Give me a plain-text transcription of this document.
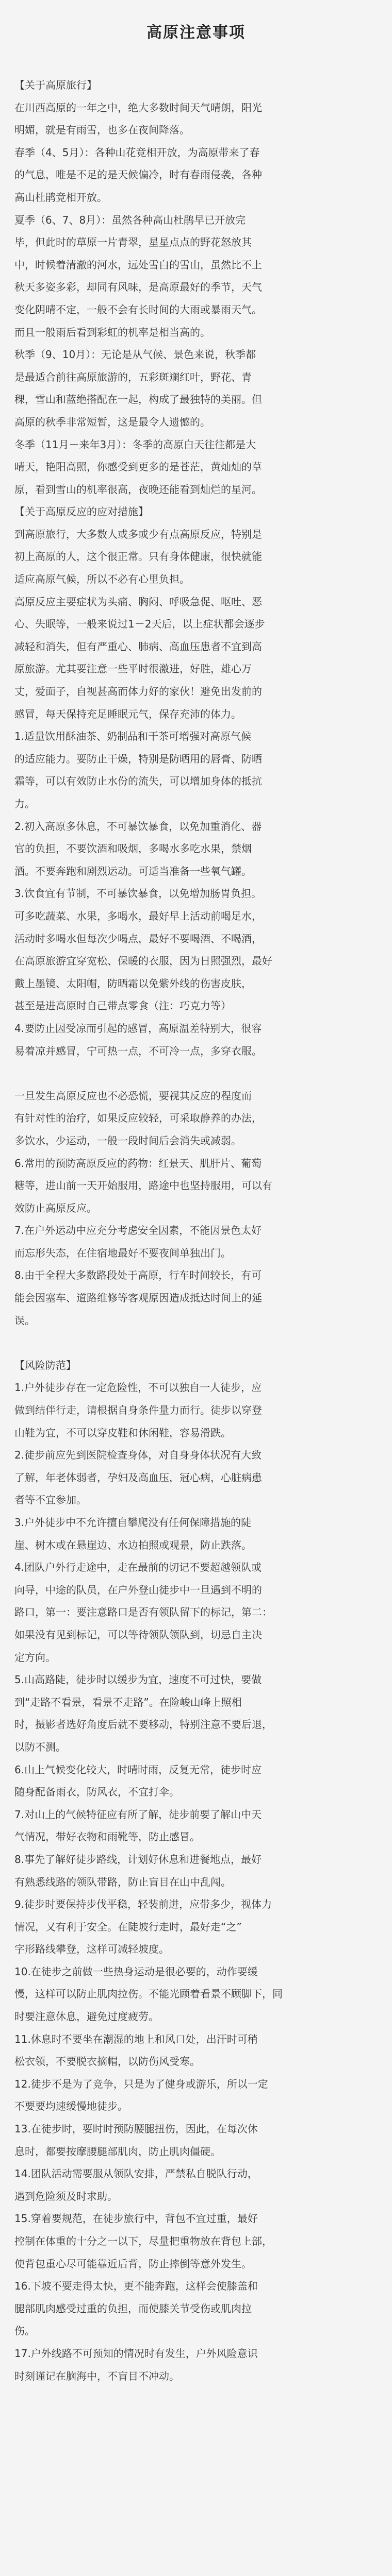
高原注意事项
【关于高原旅行】
在川西高原的一年之中，绝大多数时间天气晴朗，阳光
明媚，就是有雨雪，也多在夜间降落。
春季（4、5月）：各种山花竞相开放，为高原带来了春
的气息，唯是不足的是天候偏冷，时有春雨侵袭，各种
高山杜鹃竞相开放。
夏季（6、7、8月）：虽然各种高山杜鹃早已开放完
毕，但此时的草原一片青翠，星星点点的野花怒放其
中，时候着清澈的河水，远处雪白的雪山，虽然比不上
秋天多姿多彩，却同有风味，是高原最好的季节，天气
变化阴晴不定，一般不会有长时间的大雨或暴雨天气。
而且一般雨后看到彩虹的机率是相当高的。
秋季（9、10月）：无论是从气候、景色来说，秋季都
是最适合前往高原旅游的，五彩斑斓红叶，野花、青
稞，雪山和蓝绝搭配在一起，构成了最独特的美丽。但
高原的秋季非常短暂，这是最令人遗憾的。
冬季（11月－来年3月）：冬季的高原白天往往都是大
晴天，艳阳高照，你感受到更多的是苍茫，黄灿灿的草
原，看到雪山的机率很高，夜晚还能看到灿烂的星河。
【关于高原反应的应对措施】
到高原旅行，大多数人或多或少有点高原反应，特别是
初上高原的人，这个很正常。只有身体健康，很快就能
适应高原气候，所以不必有心里负担。
高原反应主要症状为头痛、胸闷、呼吸急促、呕吐、恶
心、失眠等，一般来说过1－2天后，以上症状都会逐步
减轻和消失，但有严重心、肺病、高血压患者不宜到高
原旅游。尤其要注意一些平时很激进，好胜，雄心万
丈，爱面子，自视甚高而体力好的家伙！避免出发前的
感冒，每天保持充足睡眠元气，保存充沛的体力。
1.适量饮用酥油茶、奶制品和干茶可增强对高原气候
的适应能力。要防止干燥，特别是防晒用的唇膏、防晒
霜等，可以有效防止水份的流失，可以增加身体的抵抗
力。
2.初入高原多休息，不可暴饮暴食，以免加重消化、器
官的负担，不要饮酒和吸烟，多喝水多吃水果，禁烟
酒。不要奔跑和剧烈运动。可适当准备一些氧气罐。
3.饮食宜有节制，不可暴饮暴食，以免增加肠胃负担。
可多吃蔬菜、水果，多喝水，最好早上活动前喝足水，
活动时多喝水但每次少喝点，最好不要喝酒、不喝酒，
在高原旅游宜穿宽松、保暖的衣服，因为日照强烈，最好
戴上墨镜、太阳帽，防晒霜以免紫外线的伤害皮肤，
甚至是进高原时自己带点零食（注：巧克力等）
4.要防止因受凉而引起的感冒，高原温差特别大，很容
易着凉并感冒，宁可热一点，不可冷一点，多穿衣服。
一旦发生高原反应也不必恐慌，要视其反应的程度而
有针对性的治疗，如果反应较轻，可采取静养的办法，
多饮水，少运动，一般一段时间后会消失或减弱。
6.常用的预防高原反应的药物：红景天、肌肝片、葡萄
糖等，进山前一天开始服用，路途中也坚持服用，可以有
效防止高原反应。
7.在户外运动中应充分考虑安全因素，不能因景色太好
而忘形失态，在住宿地最好不要夜间单独出门。
8.由于全程大多数路段处于高原，行车时间较长，有可
能会因塞车、道路维修等客观原因造成抵达时间上的延
误。
【风险防范】
1.户外徒步存在一定危险性，不可以独自一人徒步，应
做到结伴行走，请根据自身条件量力而行。徒步以穿登
山鞋为宜，不可以穿皮鞋和休闲鞋，容易滑跌。
2.徒步前应先到医院检查身体，对自身身体状况有大致
了解，年老体弱者，孕妇及高血压，冠心病，心脏病患
者等不宜参加。
3.户外徒步中不允许擅自攀爬没有任何保障措施的陡
崖、树木或在悬崖边、水边拍照或观景，防止跌落。
4.团队户外行走途中，走在最前的切记不要超越领队或
向导，中途的队员，在户外登山徒步中一旦遇到不明的
路口，第一：要注意路口是否有领队留下的标记，第二：
如果没有见到标记，可以等待领队领队到，切忌自主决
定方向。
5.山高路陡，徒步时以缓步为宜，速度不可过快，要做
到“走路不看景，看景不走路”。在险峻山峰上照相
时，摄影者选好角度后就不要移动，特别注意不要后退，
以防不测。
6.山上气候变化较大，时晴时雨，反复无常，徒步时应
随身配备雨衣，防风衣，不宜打伞。
7.对山上的气候特征应有所了解，徒步前要了解山中天
气情况，带好衣物和雨靴等，防止感冒。
8.事先了解好徒步路线，计划好休息和进餐地点，最好
有熟悉线路的领队带路，防止盲目在山中乱闯。
9.徒步时要保持步伐平稳，轻装前进，应带多少，视体力
情况，又有利于安全。在陡坡行走时，最好走“之”
字形路线攀登，这样可减轻坡度。
10.在徒步之前做一些热身运动是很必要的，动作要缓
慢，这样可以防止肌肉拉伤。不能光顾着看景不顾脚下，同
时要注意休息，避免过度疲劳。
11.休息时不要坐在潮湿的地上和风口处，出汗时可稍
松衣领，不要脱衣摘帽，以防伤风受寒。
12.徒步不是为了竞争，只是为了健身或游乐，所以一定
不要要均速缓慢地徒步。
13.在徒步时，要时时预防腰腿扭伤，因此，在每次休
息时，都要按摩腰腿部肌肉，防止肌肉僵硬。
14.团队活动需要服从领队安排，严禁私自脱队行动，
遇到危险须及时求助。
15.穿着要规范，在徒步旅行中，背包不宜过重，最好
控制在体重的十分之一以下，尽量把重物放在背包上部，
使背包重心尽可能靠近后背，防止摔倒等意外发生。
16.下坡不要走得太快，更不能奔跑，这样会使膝盖和
腿部肌肉感受过重的负担，而使膝关节受伤或肌肉拉
伤。
17.户外线路不可预知的情况时有发生，户外风险意识
时刻谨记在脑海中，不盲目不冲动。
